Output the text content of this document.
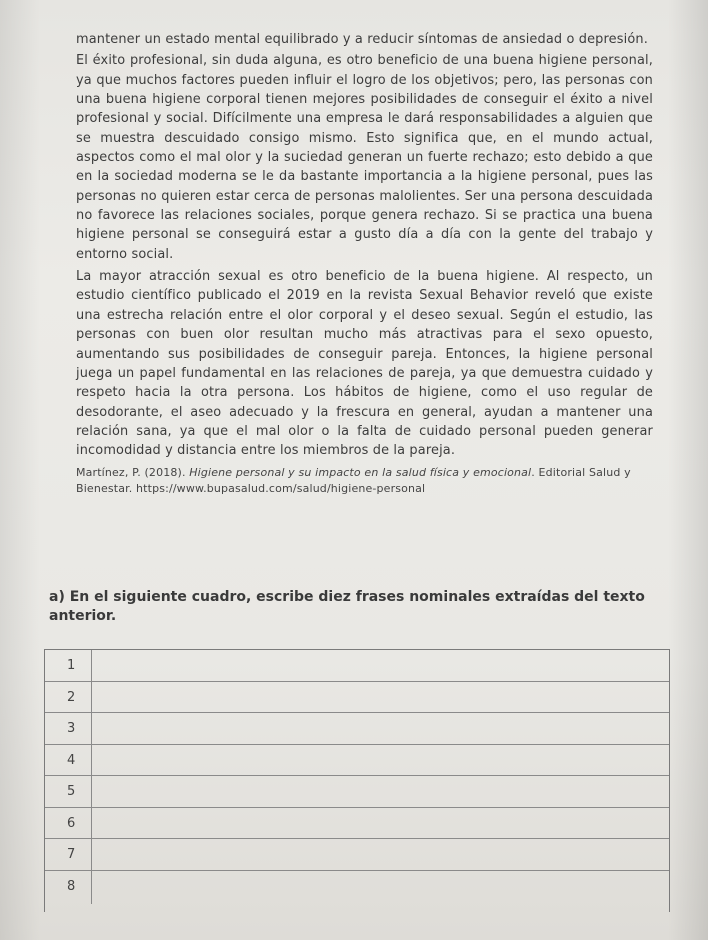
mantener un estado mental equilibrado y a reducir síntomas de ansiedad o depresión.

El éxito profesional, sin duda alguna, es otro beneficio de una buena higiene personal, ya que muchos factores pueden influir el logro de los objetivos; pero, las personas con una buena higiene corporal tienen mejores posibilidades de conseguir el éxito a nivel profesional y social. Difícilmente una empresa le dará responsabilidades a alguien que se muestra descuidado consigo mismo. Esto significa que, en el mundo actual, aspectos como el mal olor y la suciedad generan un fuerte rechazo; esto debido a que en la sociedad moderna se le da bastante importancia a la higiene personal, pues las personas no quieren estar cerca de personas malolientes. Ser una persona descuidada no favorece las relaciones sociales, porque genera rechazo. Si se practica una buena higiene personal se conseguirá estar a gusto día a día con la gente del trabajo y entorno social.

La mayor atracción sexual es otro beneficio de la buena higiene. Al respecto, un estudio científico publicado el 2019 en la revista Sexual Behavior reveló que existe una estrecha relación entre el olor corporal y el deseo sexual. Según el estudio, las personas con buen olor resultan mucho más atractivas para el sexo opuesto, aumentando sus posibilidades de conseguir pareja. Entonces, la higiene personal juega un papel fundamental en las relaciones de pareja, ya que demuestra cuidado y respeto hacia la otra persona. Los hábitos de higiene, como el uso regular de desodorante, el aseo adecuado y la frescura en general, ayudan a mantener una relación sana, ya que el mal olor o la falta de cuidado personal pueden generar incomodidad y distancia entre los miembros de la pareja.

Martínez, P. (2018). Higiene personal y su impacto en la salud física y emocional. Editorial Salud y Bienestar. https://www.bupasalud.com/salud/higiene-personal

a) En el siguiente cuadro, escribe diez frases nominales extraídas del texto anterior.
1
2
3
4
5
6
7
8
